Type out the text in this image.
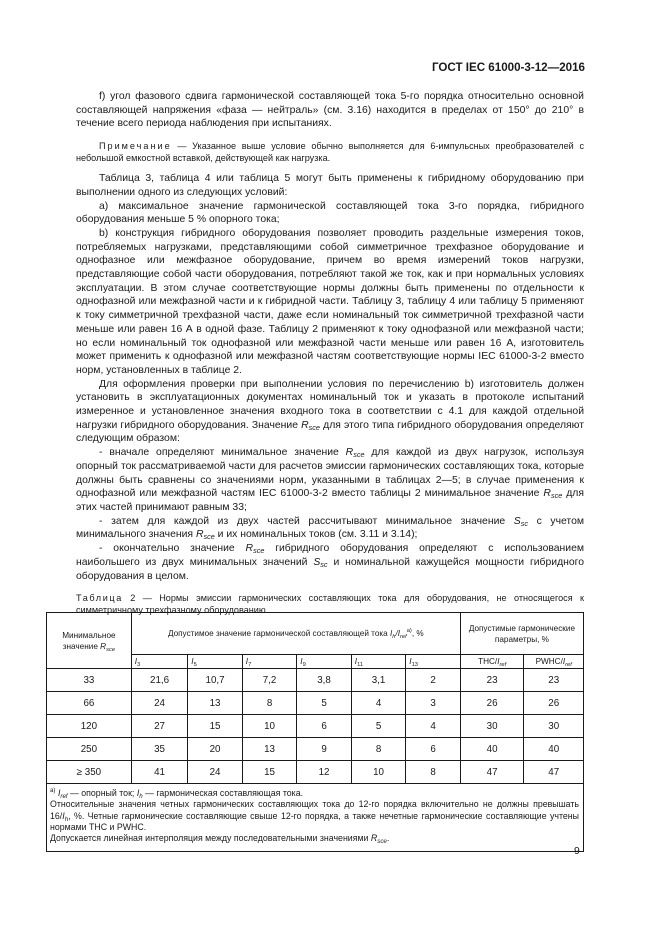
ГОСТ IEC 61000-3-12—2016

f) угол фазового сдвига гармонической составляющей тока 5-го порядка относительно основной составляющей напряжения «фаза — нейтраль» (см. 3.16) находится в пределах от 150° до 210° в течение всего периода наблюдения при испытаниях.

Примечание — Указанное выше условие обычно выполняется для 6-импульсных преобразователей с небольшой емкостной вставкой, действующей как нагрузка.

Таблица 3, таблица 4 или таблица 5 могут быть применены к гибридному оборудованию при выполнении одного из следующих условий:

a) максимальное значение гармонической составляющей тока 3-го порядка, гибридного оборудования меньше 5 % опорного тока;

b) конструкция гибридного оборудования позволяет проводить раздельные измерения токов, потребляемых нагрузками, представляющими собой симметричное трехфазное оборудование и однофазное или межфазное оборудование, причем во время измерений токов нагрузки, представляющие собой части оборудования, потребляют такой же ток, как и при нормальных условиях эксплуатации. В этом случае соответствующие нормы должны быть применены по отдельности к однофазной или межфазной части и к гибридной части. Таблицу 3, таблицу 4 или таблицу 5 применяют к току симметричной трехфазной части, даже если номинальный ток симметричной трехфазной части меньше или равен 16 А в одной фазе. Таблицу 2 применяют к току однофазной или межфазной части; но если номинальный ток однофазной или межфазной части меньше или равен 16 А, изготовитель может применить к однофазной или межфазной частям соответствующие нормы IEC 61000-3-2 вместо норм, установленных в таблице 2.

Для оформления проверки при выполнении условия по перечислению b) изготовитель должен установить в эксплуатационных документах номинальный ток и указать в протоколе испытаний измеренное и установленное значения входного тока в соответствии с 4.1 для каждой отдельной нагрузки гибридного оборудования. Значение $R_{sce}$ для этого типа гибридного оборудования определяют следующим образом:

- вначале определяют минимальное значение $R_{sce}$ для каждой из двух нагрузок, используя опорный ток рассматриваемой части для расчетов эмиссии гармонических составляющих тока, которые должны быть сравнены со значениями норм, указанными в таблицах 2—5; в случае применения к однофазной или межфазной частям IEC 61000-3-2 вместо таблицы 2 минимальное значение $R_{sce}$ для этих частей принимают равным 33;

- затем для каждой из двух частей рассчитывают минимальное значение $S_{sc}$ с учетом минимального значения $R_{sce}$ и их номинальных токов (см. 3.11 и 3.14);

- окончательно значение $R_{sce}$ гибридного оборудования определяют с использованием наибольшего из двух минимальных значений $S_{sc}$ и номинальной кажущейся мощности гибридного оборудования в целом.

Таблица 2 — Нормы эмиссии гармонических составляющих тока для оборудования, не относящегося к симметричному трехфазному оборудованию

Минимальное значение $R_{sce}$	Допустимое значение гармонической составляющей тока $I_h/I_{ref}^{а)}$, %						Допустимые гармонические параметры, %	
	$I_3$	$I_5$	$I_7$	$I_9$	$I_{11}$	$I_{13}$	THC/$I_{ref}$	PWHC/$I_{ref}$
33	21,6	10,7	7,2	3,8	3,1	2	23	23
66	24	13	8	5	4	3	26	26
120	27	15	10	6	5	4	30	30
250	35	20	13	9	8	6	40	40
≥ 350	41	24	15	12	10	8	47	47

$^{а)}$ $I_{ref}$ — опорный ток; $I_h$ — гармоническая составляющая тока.
Относительные значения четных гармонических составляющих тока до 12-го порядка включительно не должны превышать $16/I_h$, %. Четные гармонические составляющие свыше 12-го порядка, а также нечетные гармонические составляющие учтены нормами THC и PWHC.
Допускается линейная интерполяция между последовательными значениями $R_{sce}$.								
9
